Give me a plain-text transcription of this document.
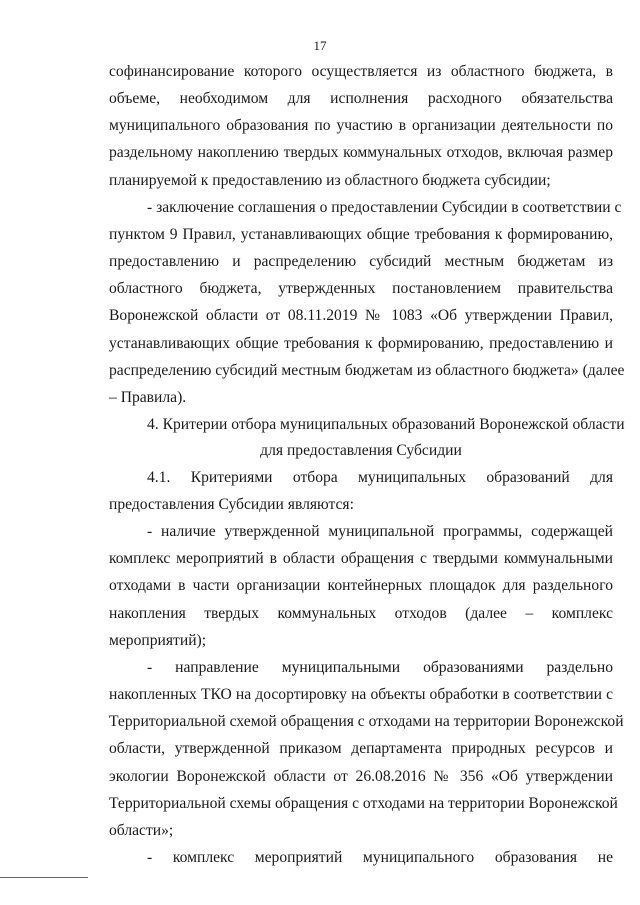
17
софинансирование которого осуществляется из областного бюджета, в
объеме, необходимом для исполнения расходного обязательства
муниципального образования по участию в организации деятельности по
раздельному накоплению твердых коммунальных отходов, включая размер
планируемой к предоставлению из областного бюджета субсидии;
- заключение соглашения о предоставлении Субсидии в соответствии с
пунктом 9 Правил, устанавливающих общие требования к формированию,
предоставлению и распределению субсидий местным бюджетам из
областного бюджета, утвержденных постановлением правительства
Воронежской области от 08.11.2019 № 1083 «Об утверждении Правил,
устанавливающих общие требования к формированию, предоставлению и
распределению субсидий местным бюджетам из областного бюджета» (далее
– Правила).
4. Критерии отбора муниципальных образований Воронежской области
для предоставления Субсидии
4.1. Критериями отбора муниципальных образований для
предоставления Субсидии являются:
- наличие утвержденной муниципальной программы, содержащей
комплекс мероприятий в области обращения с твердыми коммунальными
отходами в части организации контейнерных площадок для раздельного
накопления твердых коммунальных отходов (далее – комплекс
мероприятий);
- направление муниципальными образованиями раздельно
накопленных ТКО на досортировку на объекты обработки в соответствии с
Территориальной схемой обращения с отходами на территории Воронежской
области, утвержденной приказом департамента природных ресурсов и
экологии Воронежской области от 26.08.2016 № 356 «Об утверждении
Территориальной схемы обращения с отходами на территории Воронежской
области»;
- комплекс мероприятий муниципального образования не
